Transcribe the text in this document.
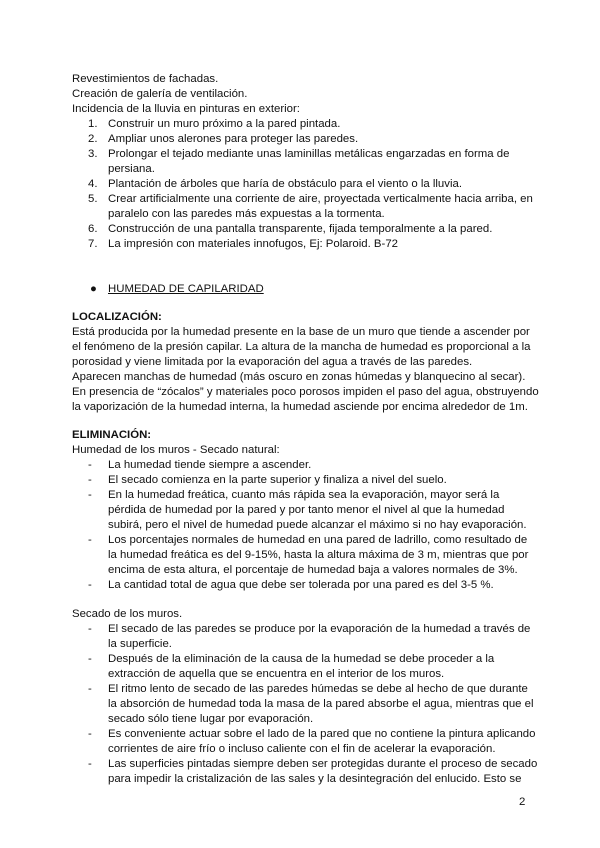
Revestimientos de fachadas.
Creación de galería de ventilación.
Incidencia de la lluvia en pinturas en exterior:
1. Construir un muro próximo a la pared pintada.
2. Ampliar unos alerones para proteger las paredes.
3. Prolongar el tejado mediante unas laminillas metálicas engarzadas en forma de
persiana.
4. Plantación de árboles que haría de obstáculo para el viento o la lluvia.
5. Crear artificialmente una corriente de aire, proyectada verticalmente hacia arriba, en
paralelo con las paredes más expuestas a la tormenta.
6. Construcción de una pantalla transparente, fijada temporalmente a la pared.
7. La impresión con materiales innofugos, Ej: Polaroid. B-72
● HUMEDAD DE CAPILARIDAD
LOCALIZACIÓN:
Está producida por la humedad presente en la base de un muro que tiende a ascender por
el fenómeno de la presión capilar. La altura de la mancha de humedad es proporcional a la
porosidad y viene limitada por la evaporación del agua a través de las paredes.
Aparecen manchas de humedad (más oscuro en zonas húmedas y blanquecino al secar).
En presencia de “zócalos” y materiales poco porosos impiden el paso del agua, obstruyendo
la vaporización de la humedad interna, la humedad asciende por encima alrededor de 1m.
ELIMINACIÓN:
Humedad de los muros - Secado natural:
- La humedad tiende siempre a ascender.
- El secado comienza en la parte superior y finaliza a nivel del suelo.
- En la humedad freática, cuanto más rápida sea la evaporación, mayor será la
pérdida de humedad por la pared y por tanto menor el nivel al que la humedad
subirá, pero el nivel de humedad puede alcanzar el máximo si no hay evaporación.
- Los porcentajes normales de humedad en una pared de ladrillo, como resultado de
la humedad freática es del 9-15%, hasta la altura máxima de 3 m, mientras que por
encima de esta altura, el porcentaje de humedad baja a valores normales de 3%.
- La cantidad total de agua que debe ser tolerada por una pared es del 3-5 %.
Secado de los muros.
- El secado de las paredes se produce por la evaporación de la humedad a través de
la superficie.
- Después de la eliminación de la causa de la humedad se debe proceder a la
extracción de aquella que se encuentra en el interior de los muros.
- El ritmo lento de secado de las paredes húmedas se debe al hecho de que durante
la absorción de humedad toda la masa de la pared absorbe el agua, mientras que el
secado sólo tiene lugar por evaporación.
- Es conveniente actuar sobre el lado de la pared que no contiene la pintura aplicando
corrientes de aire frío o incluso caliente con el fin de acelerar la evaporación.
- Las superficies pintadas siempre deben ser protegidas durante el proceso de secado
para impedir la cristalización de las sales y la desintegración del enlucido. Esto se
2
